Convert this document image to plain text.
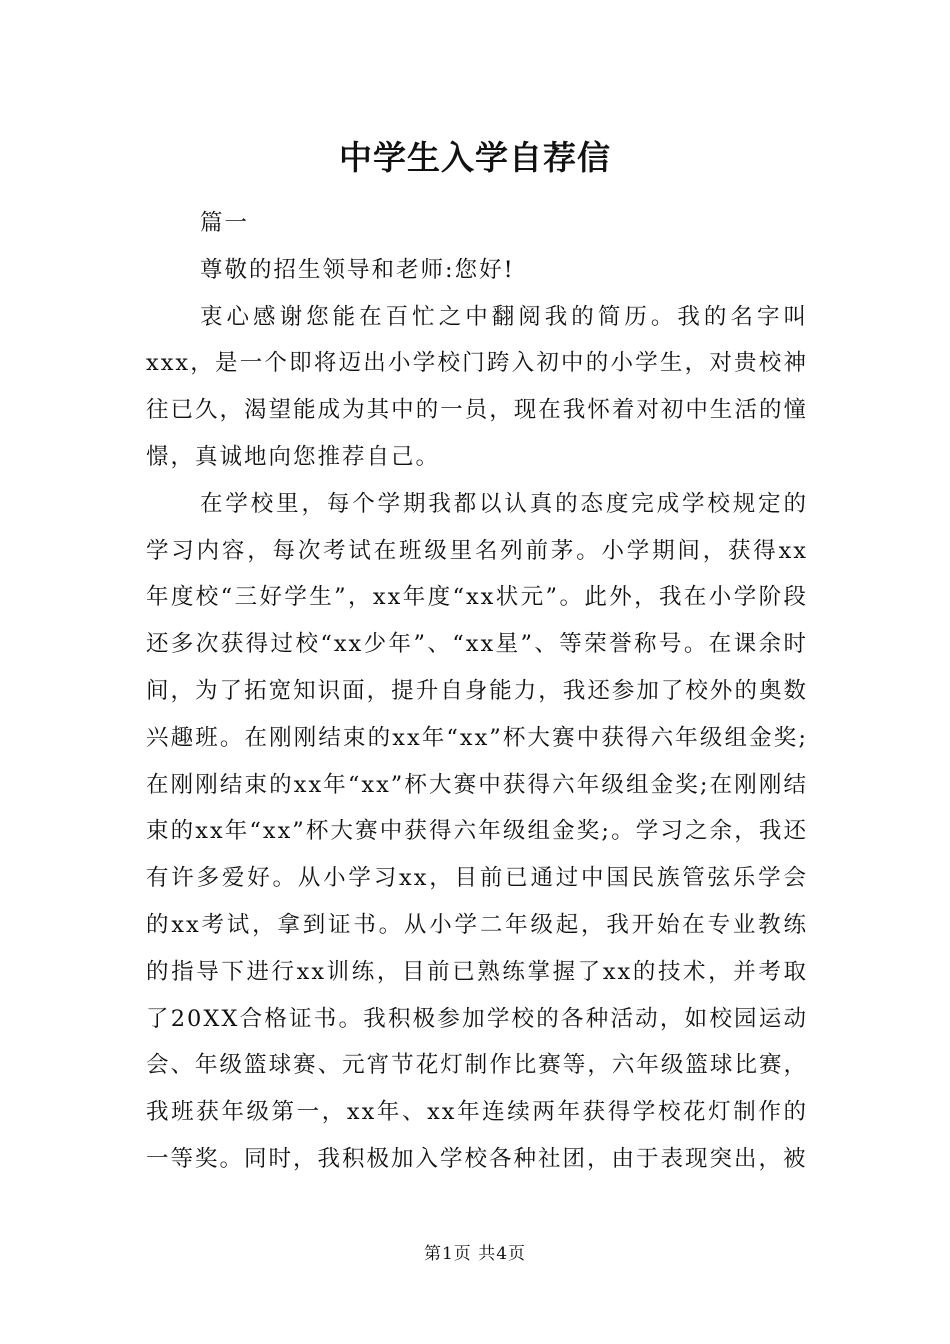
中学生入学自荐信

篇一

尊敬的招生领导和老师:您好!

衷心感谢您能在百忙之中翻阅我的简历。我的名字叫xxx，是一个即将迈出小学校门跨入初中的小学生，对贵校神往已久，渴望能成为其中的一员，现在我怀着对初中生活的憧憬，真诚地向您推荐自己。

在学校里，每个学期我都以认真的态度完成学校规定的学习内容，每次考试在班级里名列前茅。小学期间，获得xx年度校“三好学生”，xx年度“xx状元”。此外，我在小学阶段还多次获得过校“xx少年”、“xx星”、等荣誉称号。在课余时间，为了拓宽知识面，提升自身能力，我还参加了校外的奥数兴趣班。在刚刚结束的xx年“xx”杯大赛中获得六年级组金奖;在刚刚结束的xx年“xx”杯大赛中获得六年级组金奖;在刚刚结束的xx年“xx”杯大赛中获得六年级组金奖;。学习之余，我还有许多爱好。从小学习xx，目前已通过中国民族管弦乐学会的xx考试，拿到证书。从小学二年级起，我开始在专业教练的指导下进行xx训练，目前已熟练掌握了xx的技术，并考取了20XX合格证书。我积极参加学校的各种活动，如校园运动会、年级篮球赛、元宵节花灯制作比赛等，六年级篮球比赛，我班获年级第一，xx年、xx年连续两年获得学校花灯制作的一等奖。同时，我积极加入学校各种社团，由于表现突出，被

第1页 共4页
